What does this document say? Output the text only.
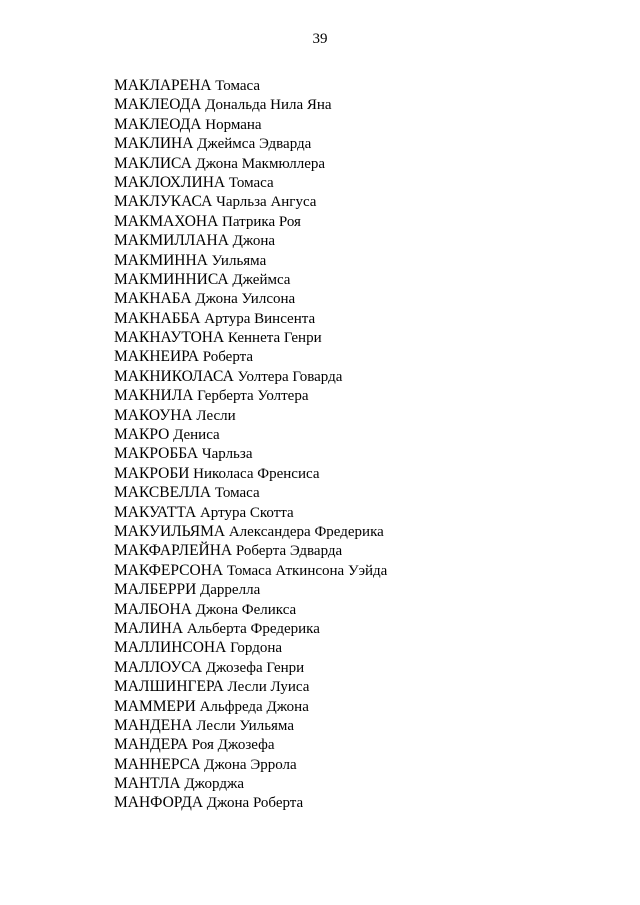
39
МАКЛАРЕНА Томаса
МАКЛЕОДА Дональда Нила Яна
МАКЛЕОДА Нормана
МАКЛИНА Джеймса Эдварда
МАКЛИСА Джона Макмюллера
МАКЛОХЛИНА Томаса
МАКЛУКАСА Чарльза Ангуса
МАКМАХОНА Патрика Роя
МАКМИЛЛАНА Джона
МАКМИННА Уильяма
МАКМИННИСА Джеймса
МАКНАБА Джона Уилсона
МАКНАББА Артура Винсента
МАКНАУТОНА Кеннета Генри
МАКНЕИРА Роберта
МАКНИКОЛАСА Уолтера Говарда
МАКНИЛА Герберта Уолтера
МАКОУНА Лесли
МАКРО Дениса
МАКРОББА Чарльза
МАКРОБИ Николаса Френсиса
МАКСВЕЛЛА Томаса
МАКУАТТА Артура Скотта
МАКУИЛЬЯМА Александера Фредерика
МАКФАРЛЕЙНА Роберта Эдварда
МАКФЕРСОНА Томаса Аткинсона Уэйда
МАЛБЕРРИ Даррелла
МАЛБОНА Джона Феликса
МАЛИНА Альберта Фредерика
МАЛЛИНСОНА Гордона
МАЛЛОУСА Джозефа Генри
МАЛШИНГЕРА Лесли Луиса
МАММЕРИ Альфреда Джона
МАНДЕНА Лесли Уильяма
МАНДЕРА Роя Джозефа
МАННЕРСА Джона Эррола
МАНТЛА Джорджа
МАНФОРДА Джона Роберта
